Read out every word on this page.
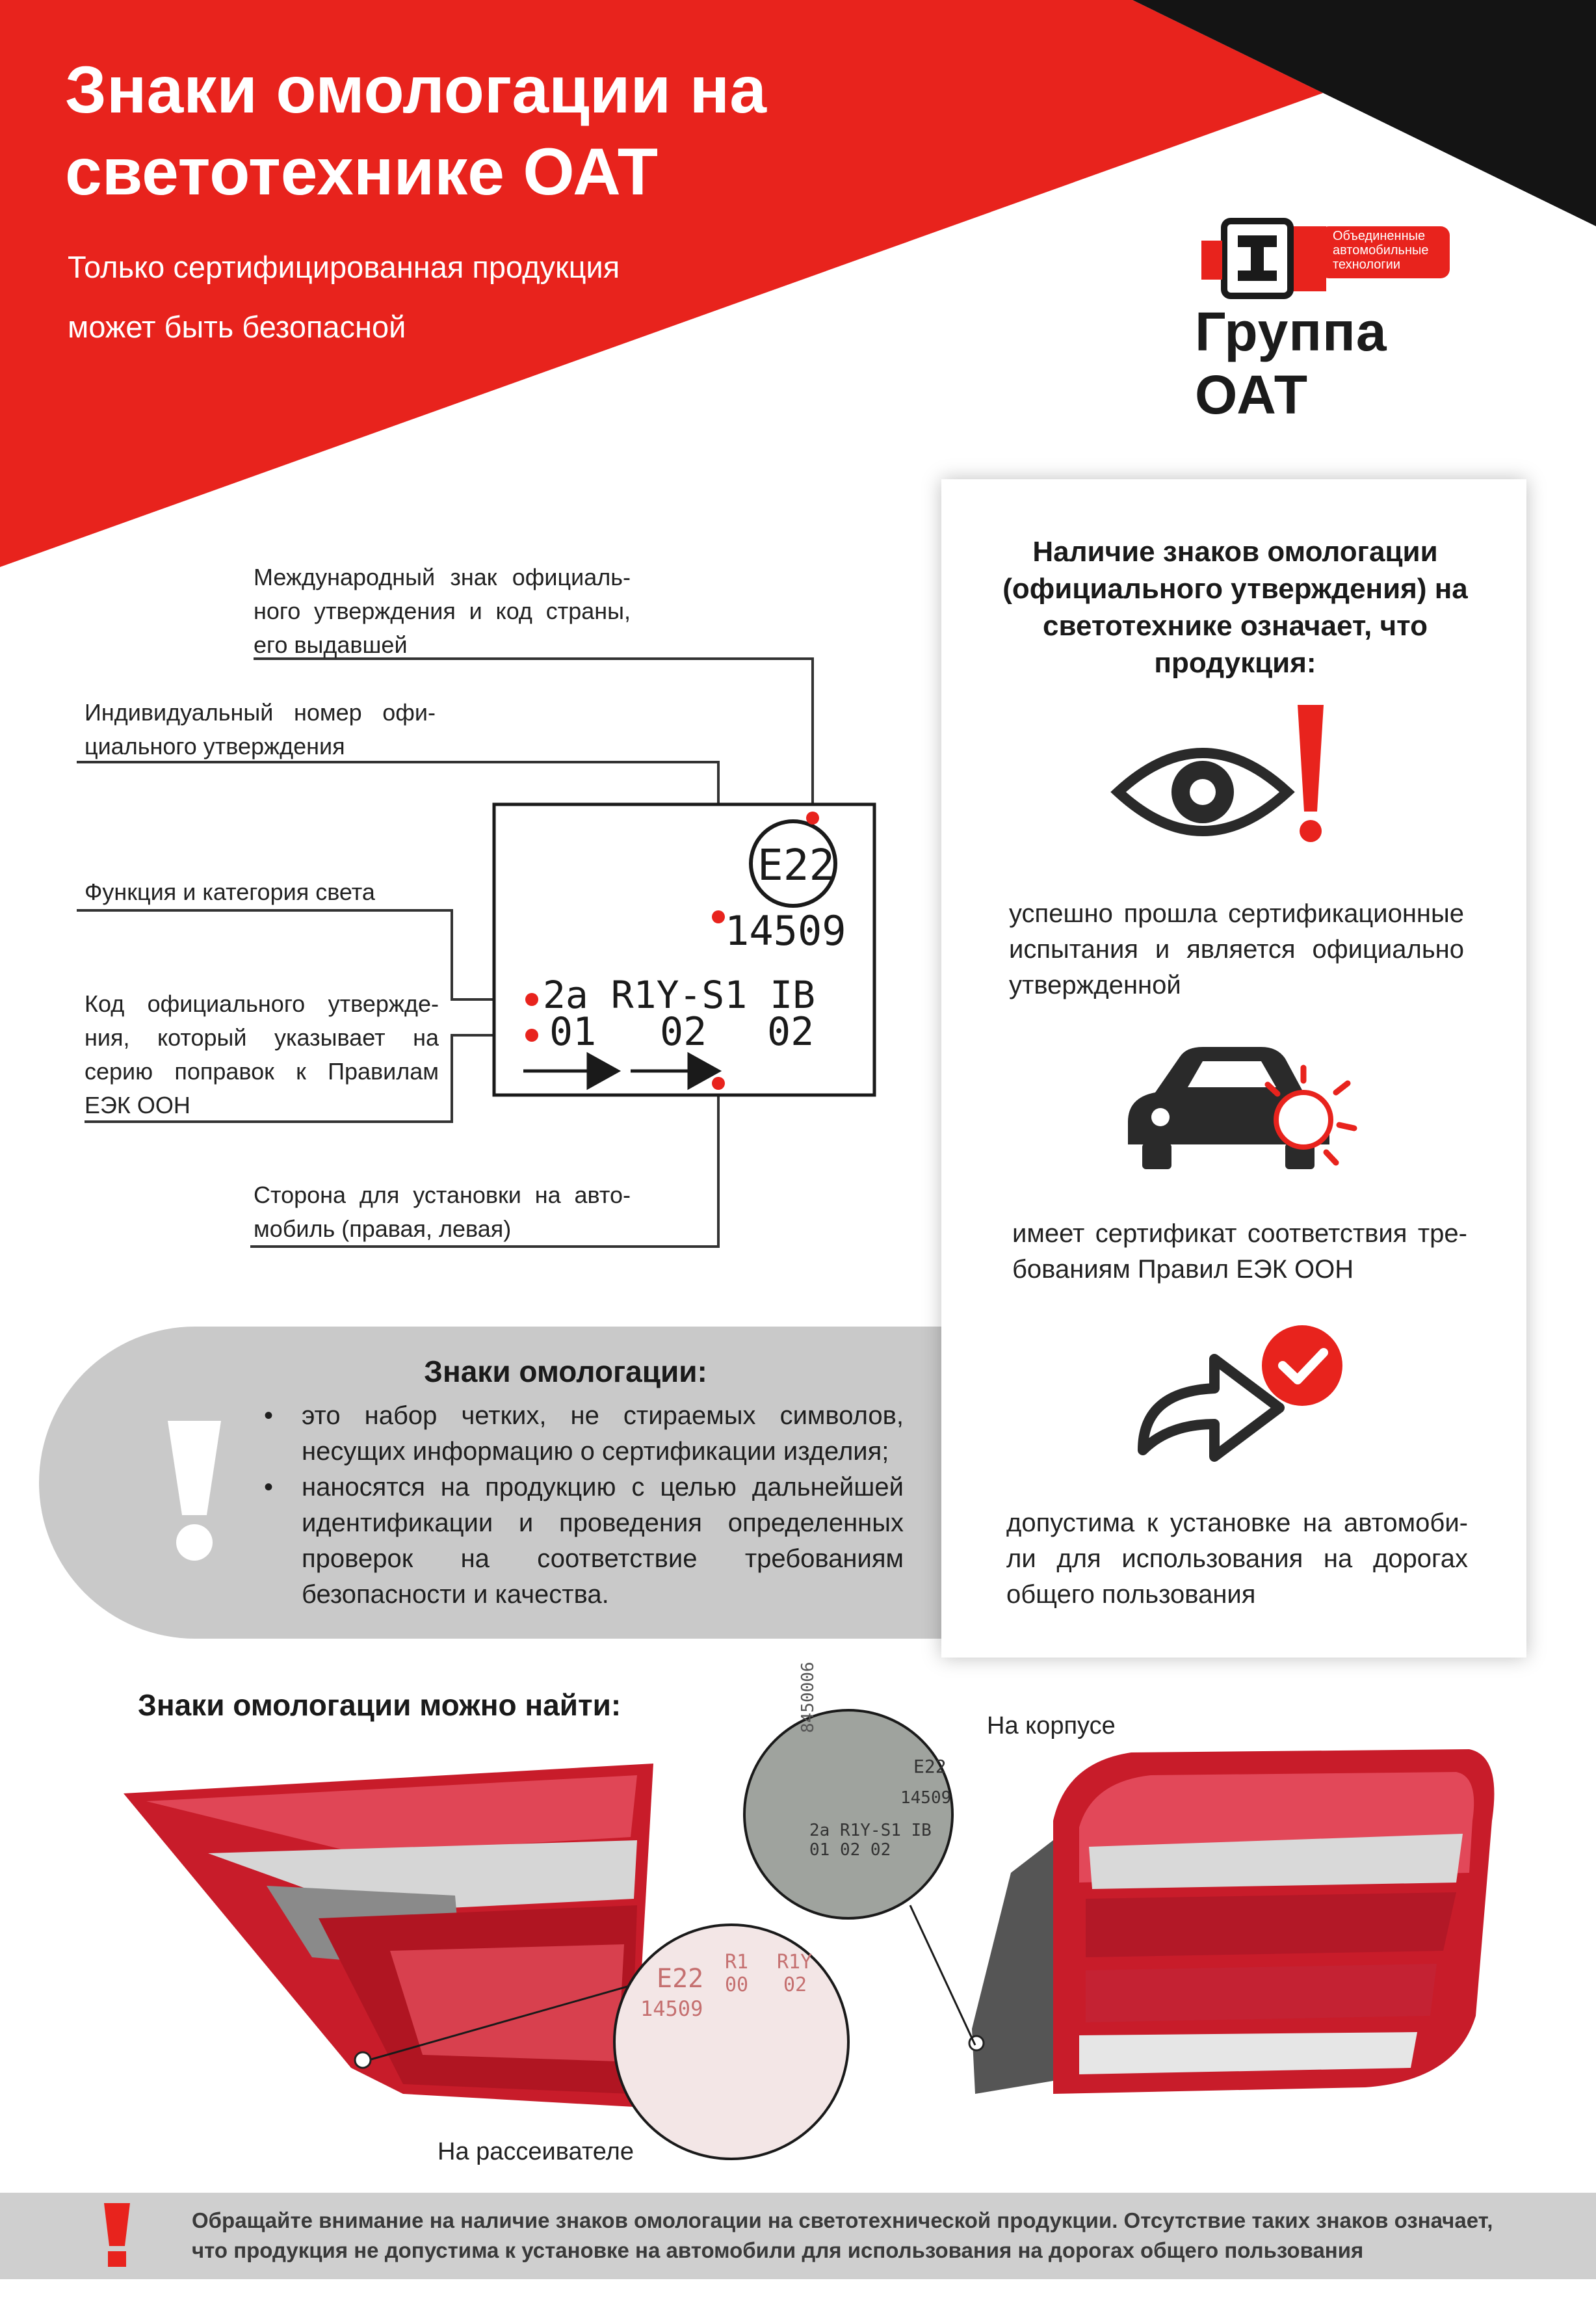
Знаки омологации на светотехнике ОАТ
Только сертифицированная продукция
может быть безопасной
Объединенные автомобильные технологии
Группа ОАТ
Международный знак официаль- ного утверждения и код страны, его выдавшей
Индивидуальный номер офи- циального утверждения
Функция и категория света
Код официального утвержде- ния, который указывает на серию поправок к Правилам ЕЭК ООН
Сторона для установки на авто- мобиль (правая, левая)
E22
14509
2a R1Y-S1 IB
01 02 02
Наличие знаков омологации (официального утверждения) на светотехнике означает, что продукция:
успешно прошла сертификационные испытания и является официально утвержденной
имеет сертификат соответствия тре- бованиям Правил ЕЭК ООН
допустима к установке на автомоби- ли для использования на дорогах общего пользования
Знаки омологации:
• это набор четких, не стираемых символов, несущих информацию о сертификации изделия;
• наносятся на продукцию с целью дальнейшей идентификации и проведения определенных проверок на соответствие требованиям безопасности и качества.
Знаки омологации можно найти:
E22
14509
2a R1Y-S1 IB
01 02 02
8450006
E22
14509
R1
00
R1Y
02
На корпусе
На рассеивателе
Обращайте внимание на наличие знаков омологации на светотехнической продукции. Отсутствие таких знаков означает, что продукция не допустима к установке на автомобили для использования на дорогах общего пользования
